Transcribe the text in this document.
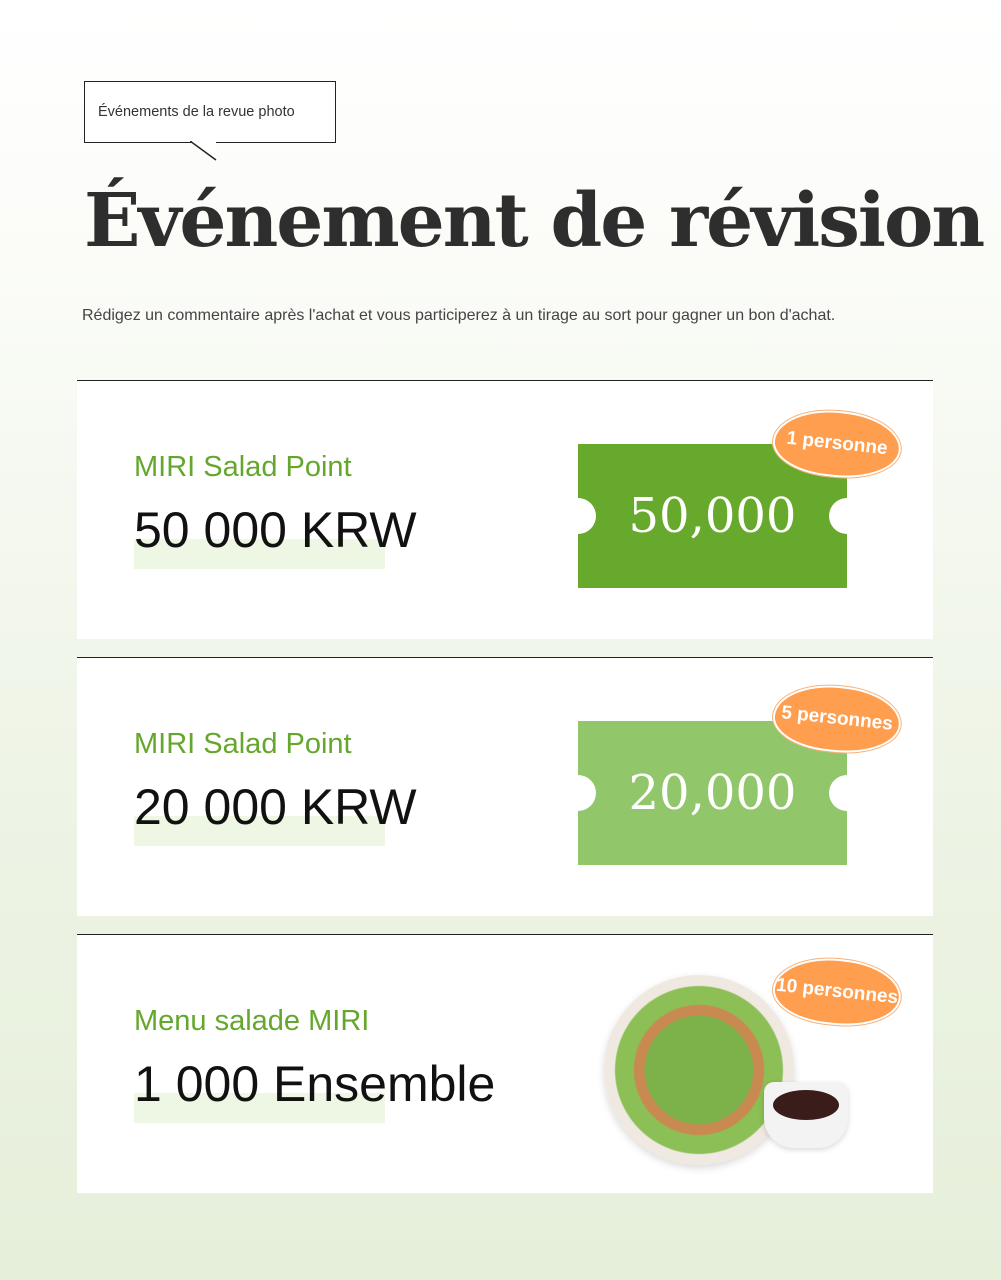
Événements de la revue photo
Événement de révision

Rédigez un commentaire après l'achat et vous participerez à un tirage au sort pour gagner un bon d'achat.

MIRI Salad Point
50 000 KRW	50,000
1 personne
MIRI Salad Point
20 000 KRW	20,000
5 personnes
Menu salade MIRI
1 000 Ensemble
10 personnes
